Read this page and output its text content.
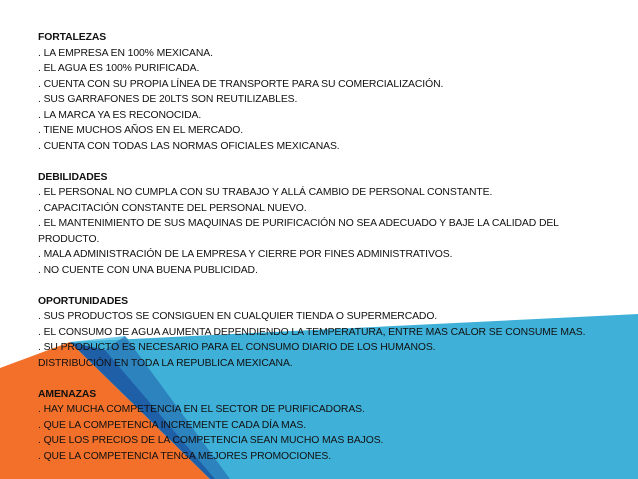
FORTALEZAS
. LA EMPRESA EN 100% MEXICANA.
. EL AGUA ES 100% PURIFICADA.
. CUENTA CON SU PROPIA LÍNEA DE TRANSPORTE PARA SU COMERCIALIZACIÓN.
. SUS GARRAFONES DE 20LTS SON REUTILIZABLES.
. LA MARCA YA ES RECONOCIDA.
. TIENE MUCHOS AÑOS EN EL MERCADO.
. CUENTA CON TODAS LAS NORMAS OFICIALES MEXICANAS.
DEBILIDADES
. EL PERSONAL NO CUMPLA CON SU TRABAJO Y ALLÁ CAMBIO DE PERSONAL CONSTANTE.
. CAPACITACIÓN CONSTANTE DEL PERSONAL NUEVO.
. EL MANTENIMIENTO DE SUS MAQUINAS DE PURIFICACIÓN NO SEA ADECUADO Y BAJE LA CALIDAD DEL PRODUCTO.
. MALA ADMINISTRACIÓN DE LA EMPRESA Y CIERRE POR FINES ADMINISTRATIVOS.
. NO CUENTE CON UNA BUENA PUBLICIDAD.
OPORTUNIDADES
. SUS PRODUCTOS SE CONSIGUEN EN CUALQUIER TIENDA O SUPERMERCADO.
. EL CONSUMO DE AGUA AUMENTA DEPENDIENDO LA TEMPERATURA, ENTRE MAS CALOR SE CONSUME MAS.
. SU PRODUCTO ES NECESARIO PARA EL CONSUMO DIARIO DE LOS HUMANOS.
DISTRIBUCIÓN EN TODA LA REPUBLICA MEXICANA.
AMENAZAS
. HAY MUCHA COMPETENCIA EN EL SECTOR DE PURIFICADORAS.
. QUE LA COMPETENCIA INCREMENTE CADA DÍA MAS.
. QUE LOS PRECIOS DE LA COMPETENCIA SEAN MUCHO MAS BAJOS.
. QUE LA COMPETENCIA TENGA MEJORES PROMOCIONES.
